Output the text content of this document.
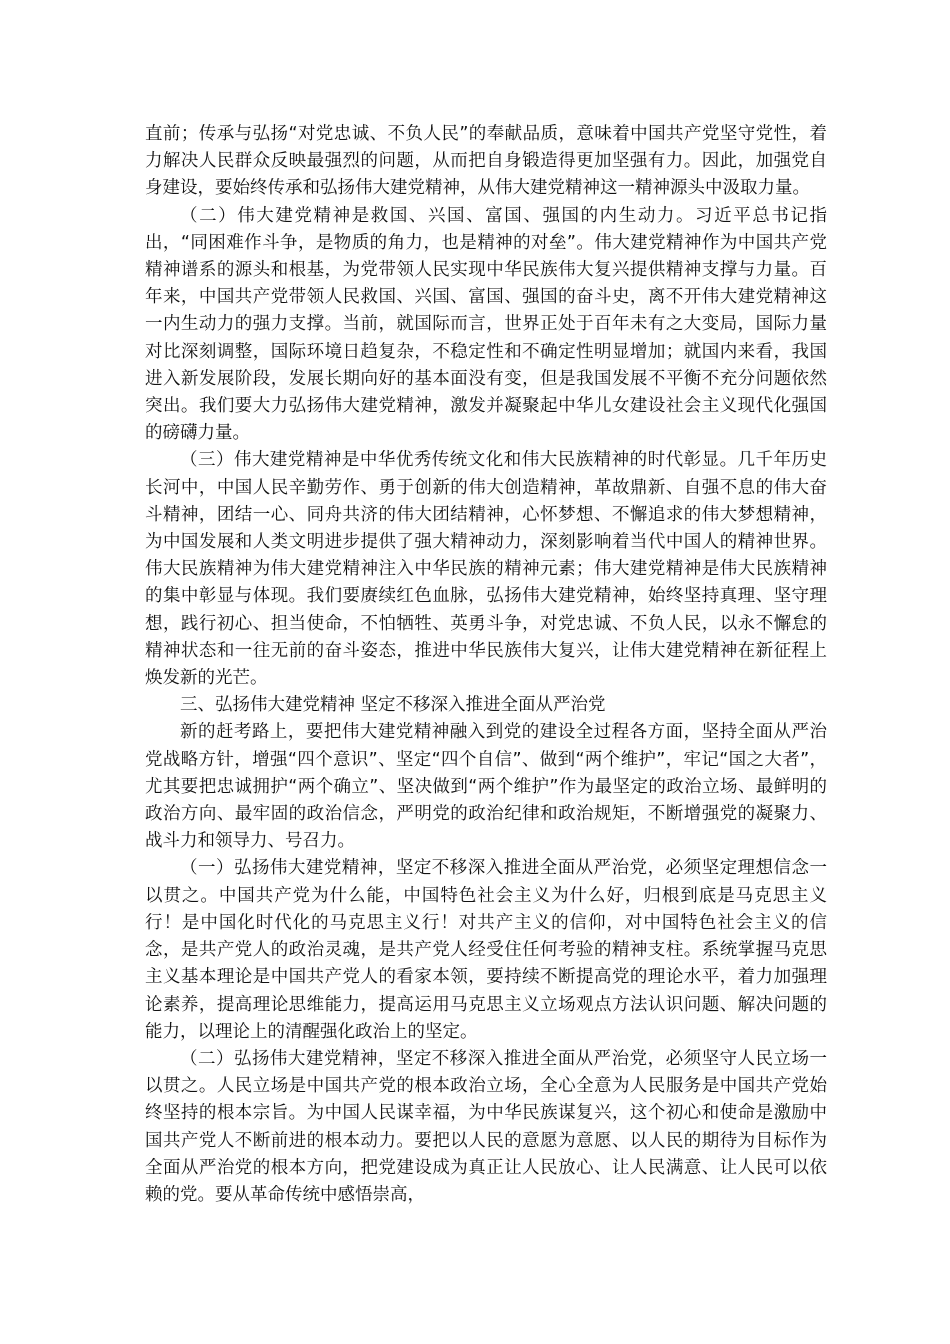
直前；传承与弘扬“对党忠诚、不负人民”的奉献品质，意味着中国共产党坚守党性，着力解决人民群众反映最强烈的问题，从而把自身锻造得更加坚强有力。因此，加强党自身建设，要始终传承和弘扬伟大建党精神，从伟大建党精神这一精神源头中汲取力量。

（二）伟大建党精神是救国、兴国、富国、强国的内生动力。习近平总书记指出，“同困难作斗争，是物质的角力，也是精神的对垒”。伟大建党精神作为中国共产党精神谱系的源头和根基，为党带领人民实现中华民族伟大复兴提供精神支撑与力量。百年来，中国共产党带领人民救国、兴国、富国、强国的奋斗史，离不开伟大建党精神这一内生动力的强力支撑。当前，就国际而言，世界正处于百年未有之大变局，国际力量对比深刻调整，国际环境日趋复杂，不稳定性和不确定性明显增加；就国内来看，我国进入新发展阶段，发展长期向好的基本面没有变，但是我国发展不平衡不充分问题依然突出。我们要大力弘扬伟大建党精神，激发并凝聚起中华儿女建设社会主义现代化强国的磅礴力量。

（三）伟大建党精神是中华优秀传统文化和伟大民族精神的时代彰显。几千年历史长河中，中国人民辛勤劳作、勇于创新的伟大创造精神，革故鼎新、自强不息的伟大奋斗精神，团结一心、同舟共济的伟大团结精神，心怀梦想、不懈追求的伟大梦想精神，为中国发展和人类文明进步提供了强大精神动力，深刻影响着当代中国人的精神世界。伟大民族精神为伟大建党精神注入中华民族的精神元素；伟大建党精神是伟大民族精神的集中彰显与体现。我们要赓续红色血脉，弘扬伟大建党精神，始终坚持真理、坚守理想，践行初心、担当使命，不怕牺牲、英勇斗争，对党忠诚、不负人民，以永不懈怠的精神状态和一往无前的奋斗姿态，推进中华民族伟大复兴，让伟大建党精神在新征程上焕发新的光芒。

三、弘扬伟大建党精神 坚定不移深入推进全面从严治党

新的赶考路上，要把伟大建党精神融入到党的建设全过程各方面，坚持全面从严治党战略方针，增强“四个意识”、坚定“四个自信”、做到“两个维护”，牢记“国之大者”，尤其要把忠诚拥护“两个确立”、坚决做到“两个维护”作为最坚定的政治立场、最鲜明的政治方向、最牢固的政治信念，严明党的政治纪律和政治规矩，不断增强党的凝聚力、战斗力和领导力、号召力。

（一）弘扬伟大建党精神，坚定不移深入推进全面从严治党，必须坚定理想信念一以贯之。中国共产党为什么能，中国特色社会主义为什么好，归根到底是马克思主义行！是中国化时代化的马克思主义行！对共产主义的信仰，对中国特色社会主义的信念，是共产党人的政治灵魂，是共产党人经受住任何考验的精神支柱。系统掌握马克思主义基本理论是中国共产党人的看家本领，要持续不断提高党的理论水平，着力加强理论素养，提高理论思维能力，提高运用马克思主义立场观点方法认识问题、解决问题的能力，以理论上的清醒强化政治上的坚定。

（二）弘扬伟大建党精神，坚定不移深入推进全面从严治党，必须坚守人民立场一以贯之。人民立场是中国共产党的根本政治立场，全心全意为人民服务是中国共产党始终坚持的根本宗旨。为中国人民谋幸福，为中华民族谋复兴，这个初心和使命是激励中国共产党人不断前进的根本动力。要把以人民的意愿为意愿、以人民的期待为目标作为全面从严治党的根本方向，把党建设成为真正让人民放心、让人民满意、让人民可以依赖的党。要从革命传统中感悟崇高，
